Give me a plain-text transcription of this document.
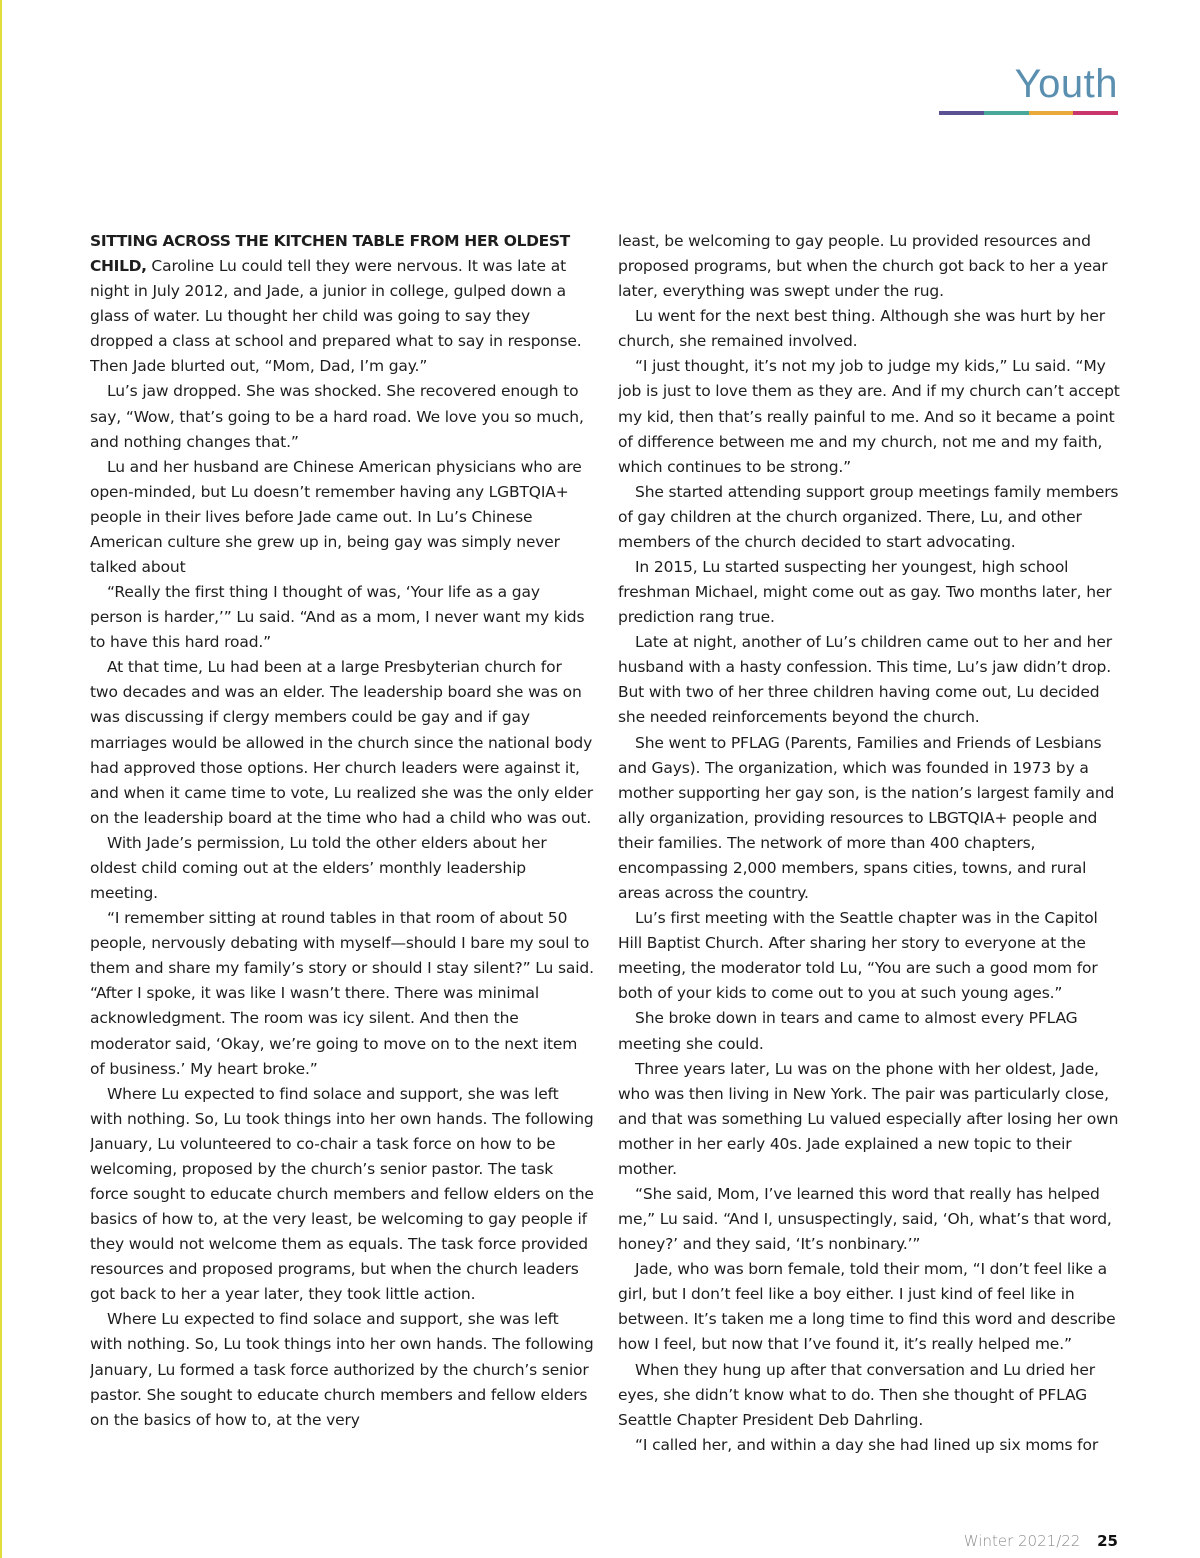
Youth

SITTING ACROSS THE KITCHEN TABLE FROM HER OLDEST CHILD, Caroline Lu could tell they were nervous. It was late at night in July 2012, and Jade, a junior in college, gulped down a glass of water. Lu thought her child was going to say they dropped a class at school and prepared what to say in response. Then Jade blurted out, “Mom, Dad, I’m gay.”

Lu’s jaw dropped. She was shocked. She recovered enough to say, “Wow, that’s going to be a hard road. We love you so much, and nothing changes that.”

Lu and her husband are Chinese American physicians who are open-minded, but Lu doesn’t remember having any LGBTQIA+ people in their lives before Jade came out. In Lu’s Chinese American culture she grew up in, being gay was simply never talked about

“Really the first thing I thought of was, ‘Your life as a gay person is harder,’” Lu said. “And as a mom, I never want my kids to have this hard road.”

At that time, Lu had been at a large Presbyterian church for two decades and was an elder. The leadership board she was on was discussing if clergy members could be gay and if gay marriages would be allowed in the church since the national body had approved those options. Her church leaders were against it, and when it came time to vote, Lu realized she was the only elder on the leadership board at the time who had a child who was out.

With Jade’s permission, Lu told the other elders about her oldest child coming out at the elders’ monthly leadership meeting.

“I remember sitting at round tables in that room of about 50 people, nervously debating with myself—should I bare my soul to them and share my family’s story or should I stay silent?” Lu said. “After I spoke, it was like I wasn’t there. There was minimal acknowledgment. The room was icy silent. And then the moderator said, ‘Okay, we’re going to move on to the next item of business.’ My heart broke.”

Where Lu expected to find solace and support, she was left with nothing. So, Lu took things into her own hands. The following January, Lu volunteered to co-chair a task force on how to be welcoming, proposed by the church’s senior pastor. The task force sought to educate church members and fellow elders on the basics of how to, at the very least, be welcoming to gay people if they would not welcome them as equals. The task force provided resources and proposed programs, but when the church leaders got back to her a year later, they took little action.

Where Lu expected to find solace and support, she was left with nothing. So, Lu took things into her own hands. The following January, Lu formed a task force authorized by the church’s senior pastor. She sought to educate church members and fellow elders on the basics of how to, at the very

least, be welcoming to gay people. Lu provided resources and proposed programs, but when the church got back to her a year later, everything was swept under the rug.

Lu went for the next best thing. Although she was hurt by her church, she remained involved.

“I just thought, it’s not my job to judge my kids,” Lu said. “My job is just to love them as they are. And if my church can’t accept my kid, then that’s really painful to me. And so it became a point of difference between me and my church, not me and my faith, which continues to be strong.”

She started attending support group meetings family members of gay children at the church organized. There, Lu, and other members of the church decided to start advocating.

In 2015, Lu started suspecting her youngest, high school freshman Michael, might come out as gay. Two months later, her prediction rang true.

Late at night, another of Lu’s children came out to her and her husband with a hasty confession. This time, Lu’s jaw didn’t drop. But with two of her three children having come out, Lu decided she needed reinforcements beyond the church.

She went to PFLAG (Parents, Families and Friends of Lesbians and Gays). The organization, which was founded in 1973 by a mother supporting her gay son, is the nation’s largest family and ally organization, providing resources to LBGTQIA+ people and their families. The network of more than 400 chapters, encompassing 2,000 members, spans cities, towns, and rural areas across the country.

Lu’s first meeting with the Seattle chapter was in the Capitol Hill Baptist Church. After sharing her story to everyone at the meeting, the moderator told Lu, “You are such a good mom for both of your kids to come out to you at such young ages.”

She broke down in tears and came to almost every PFLAG meeting she could.

Three years later, Lu was on the phone with her oldest, Jade, who was then living in New York. The pair was particularly close, and that was something Lu valued especially after losing her own mother in her early 40s. Jade explained a new topic to their mother.

“She said, Mom, I’ve learned this word that really has helped me,” Lu said. “And I, unsuspectingly, said, ‘Oh, what’s that word, honey?’ and they said, ‘It’s nonbinary.’”

Jade, who was born female, told their mom, “I don’t feel like a girl, but I don’t feel like a boy either. I just kind of feel like in between. It’s taken me a long time to find this word and describe how I feel, but now that I’ve found it, it’s really helped me.”

When they hung up after that conversation and Lu dried her eyes, she didn’t know what to do. Then she thought of PFLAG Seattle Chapter President Deb Dahrling.

“I called her, and within a day she had lined up six moms for

Winter 2021/22 25
